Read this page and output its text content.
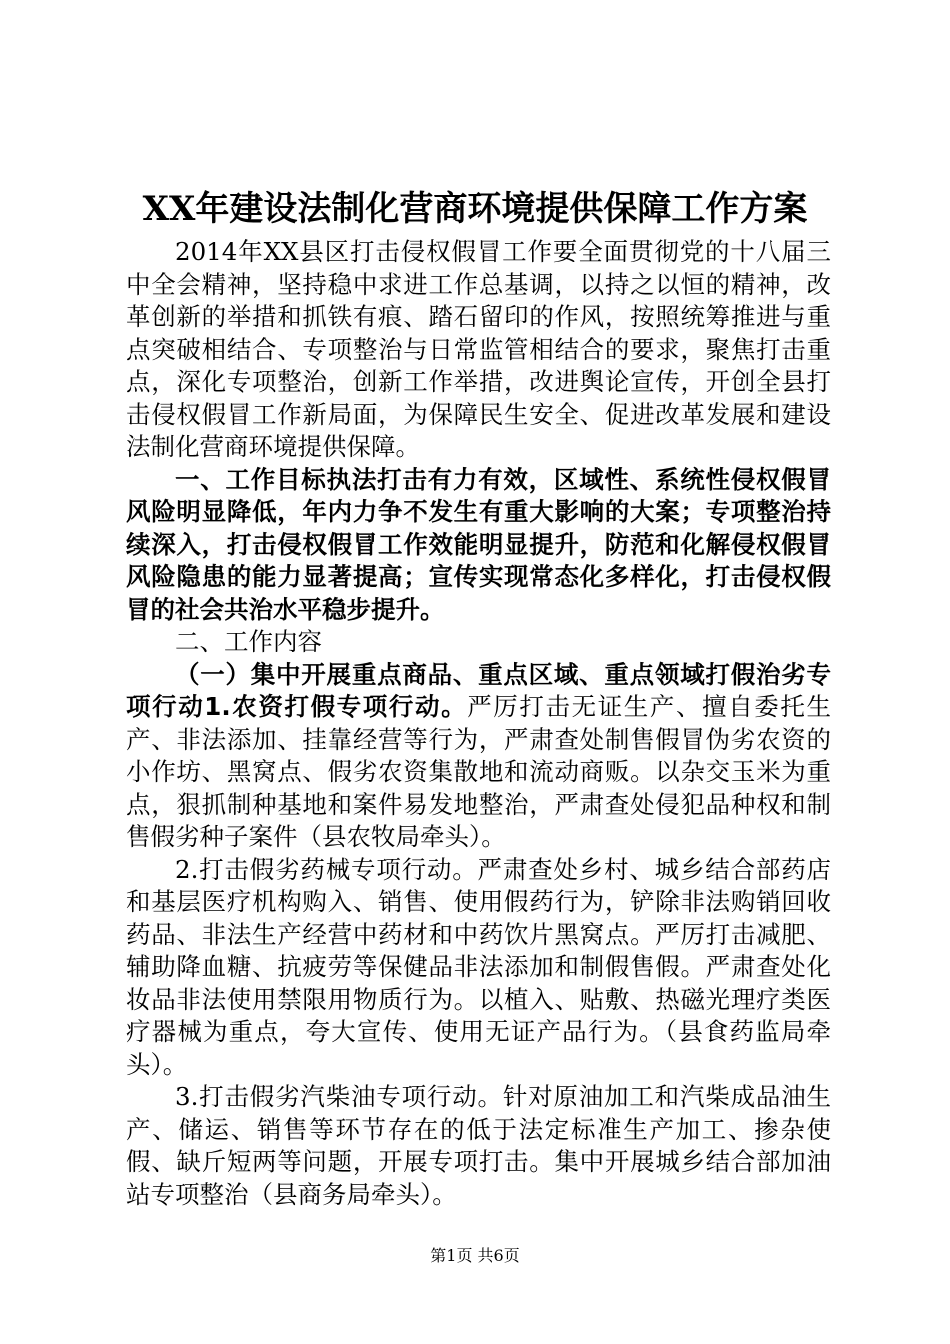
XX年建设法制化营商环境提供保障工作方案

2014年XX县区打击侵权假冒工作要全面贯彻党的十八届三中全会精神，坚持稳中求进工作总基调，以持之以恒的精神，改革创新的举措和抓铁有痕、踏石留印的作风，按照统筹推进与重点突破相结合、专项整治与日常监管相结合的要求，聚焦打击重点，深化专项整治，创新工作举措，改进舆论宣传，开创全县打击侵权假冒工作新局面，为保障民生安全、促进改革发展和建设法制化营商环境提供保障。

一、工作目标执法打击有力有效，区域性、系统性侵权假冒风险明显降低，年内力争不发生有重大影响的大案；专项整治持续深入，打击侵权假冒工作效能明显提升，防范和化解侵权假冒风险隐患的能力显著提高；宣传实现常态化多样化，打击侵权假冒的社会共治水平稳步提升。

二、工作内容

（一）集中开展重点商品、重点区域、重点领域打假治劣专项行动1.农资打假专项行动。严厉打击无证生产、擅自委托生产、非法添加、挂靠经营等行为，严肃查处制售假冒伪劣农资的小作坊、黑窝点、假劣农资集散地和流动商贩。以杂交玉米为重点，狠抓制种基地和案件易发地整治，严肃查处侵犯品种权和制售假劣种子案件（县农牧局牵头）。

2.打击假劣药械专项行动。严肃查处乡村、城乡结合部药店和基层医疗机构购入、销售、使用假药行为，铲除非法购销回收药品、非法生产经营中药材和中药饮片黑窝点。严厉打击减肥、辅助降血糖、抗疲劳等保健品非法添加和制假售假。严肃查处化妆品非法使用禁限用物质行为。以植入、贴敷、热磁光理疗类医疗器械为重点，夸大宣传、使用无证产品行为。（县食药监局牵头）。

3.打击假劣汽柴油专项行动。针对原油加工和汽柴成品油生产、储运、销售等环节存在的低于法定标准生产加工、掺杂使假、缺斤短两等问题，开展专项打击。集中开展城乡结合部加油站专项整治（县商务局牵头）。

第1页 共6页
